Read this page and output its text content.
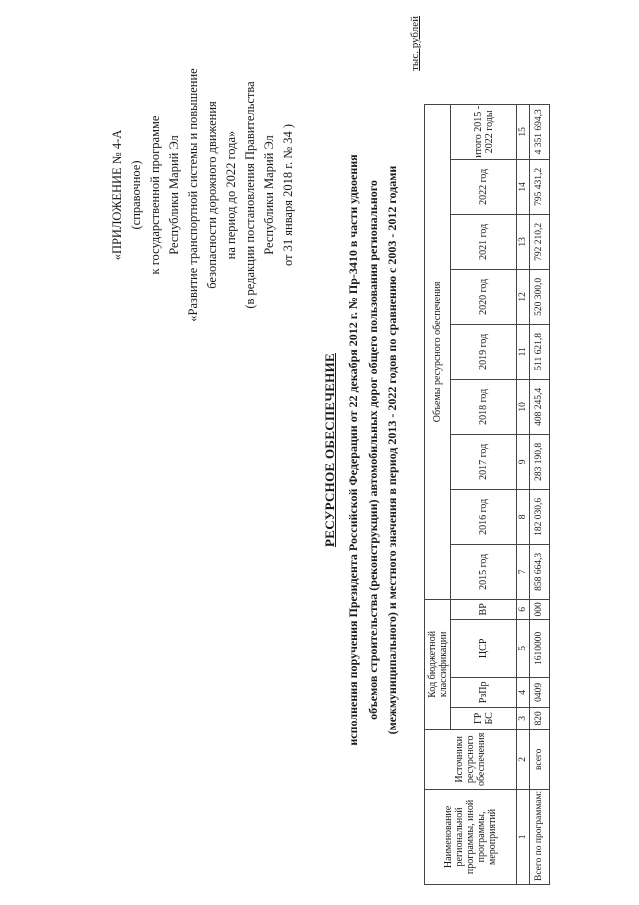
«ПРИЛОЖЕНИЕ № 4-А (справочное) к государственной программе Республики Марий Эл «Развитие транспортной системы и повышение безопасности дорожного движения на период до 2022 года» (в редакции постановления Правительства Республики Марий Эл от 31 января 2018 г. № 34 )
РЕСУРСНОЕ ОБЕСПЕЧЕНИЕ исполнения поручения Президента Российской Федерации от 22 декабря 2012 г. № Пр-3410 в части удвоения объемов строительства (реконструкции) автомобильных дорог общего пользования регионального (межмуниципального) и местного значения в период 2013 - 2022 годов по сравнению с 2003 - 2012 годами
тыс. рублей
Наименование региональной программы, иной программы, мероприятий	Источники ресурсного обеспечения	Код бюджетной классификации				Объемы ресурсного обеспечения								
		ГР БС	РзПр	ЦСР	ВР	2015 год	2016 год	2017 год	2018 год	2019 год	2020 год	2021 год	2022 год	итого 2015 - 2022 годы
1	2	3	4	5	6	7	8	9	10	11	12	13	14	15
Всего по программам:	всего	820	0409	1610000	000	858 664,3	182 030,6	283 190,8	408 245,4	511 621,8	520 300,0	792 210,2	795 431,2	4 351 694,3
